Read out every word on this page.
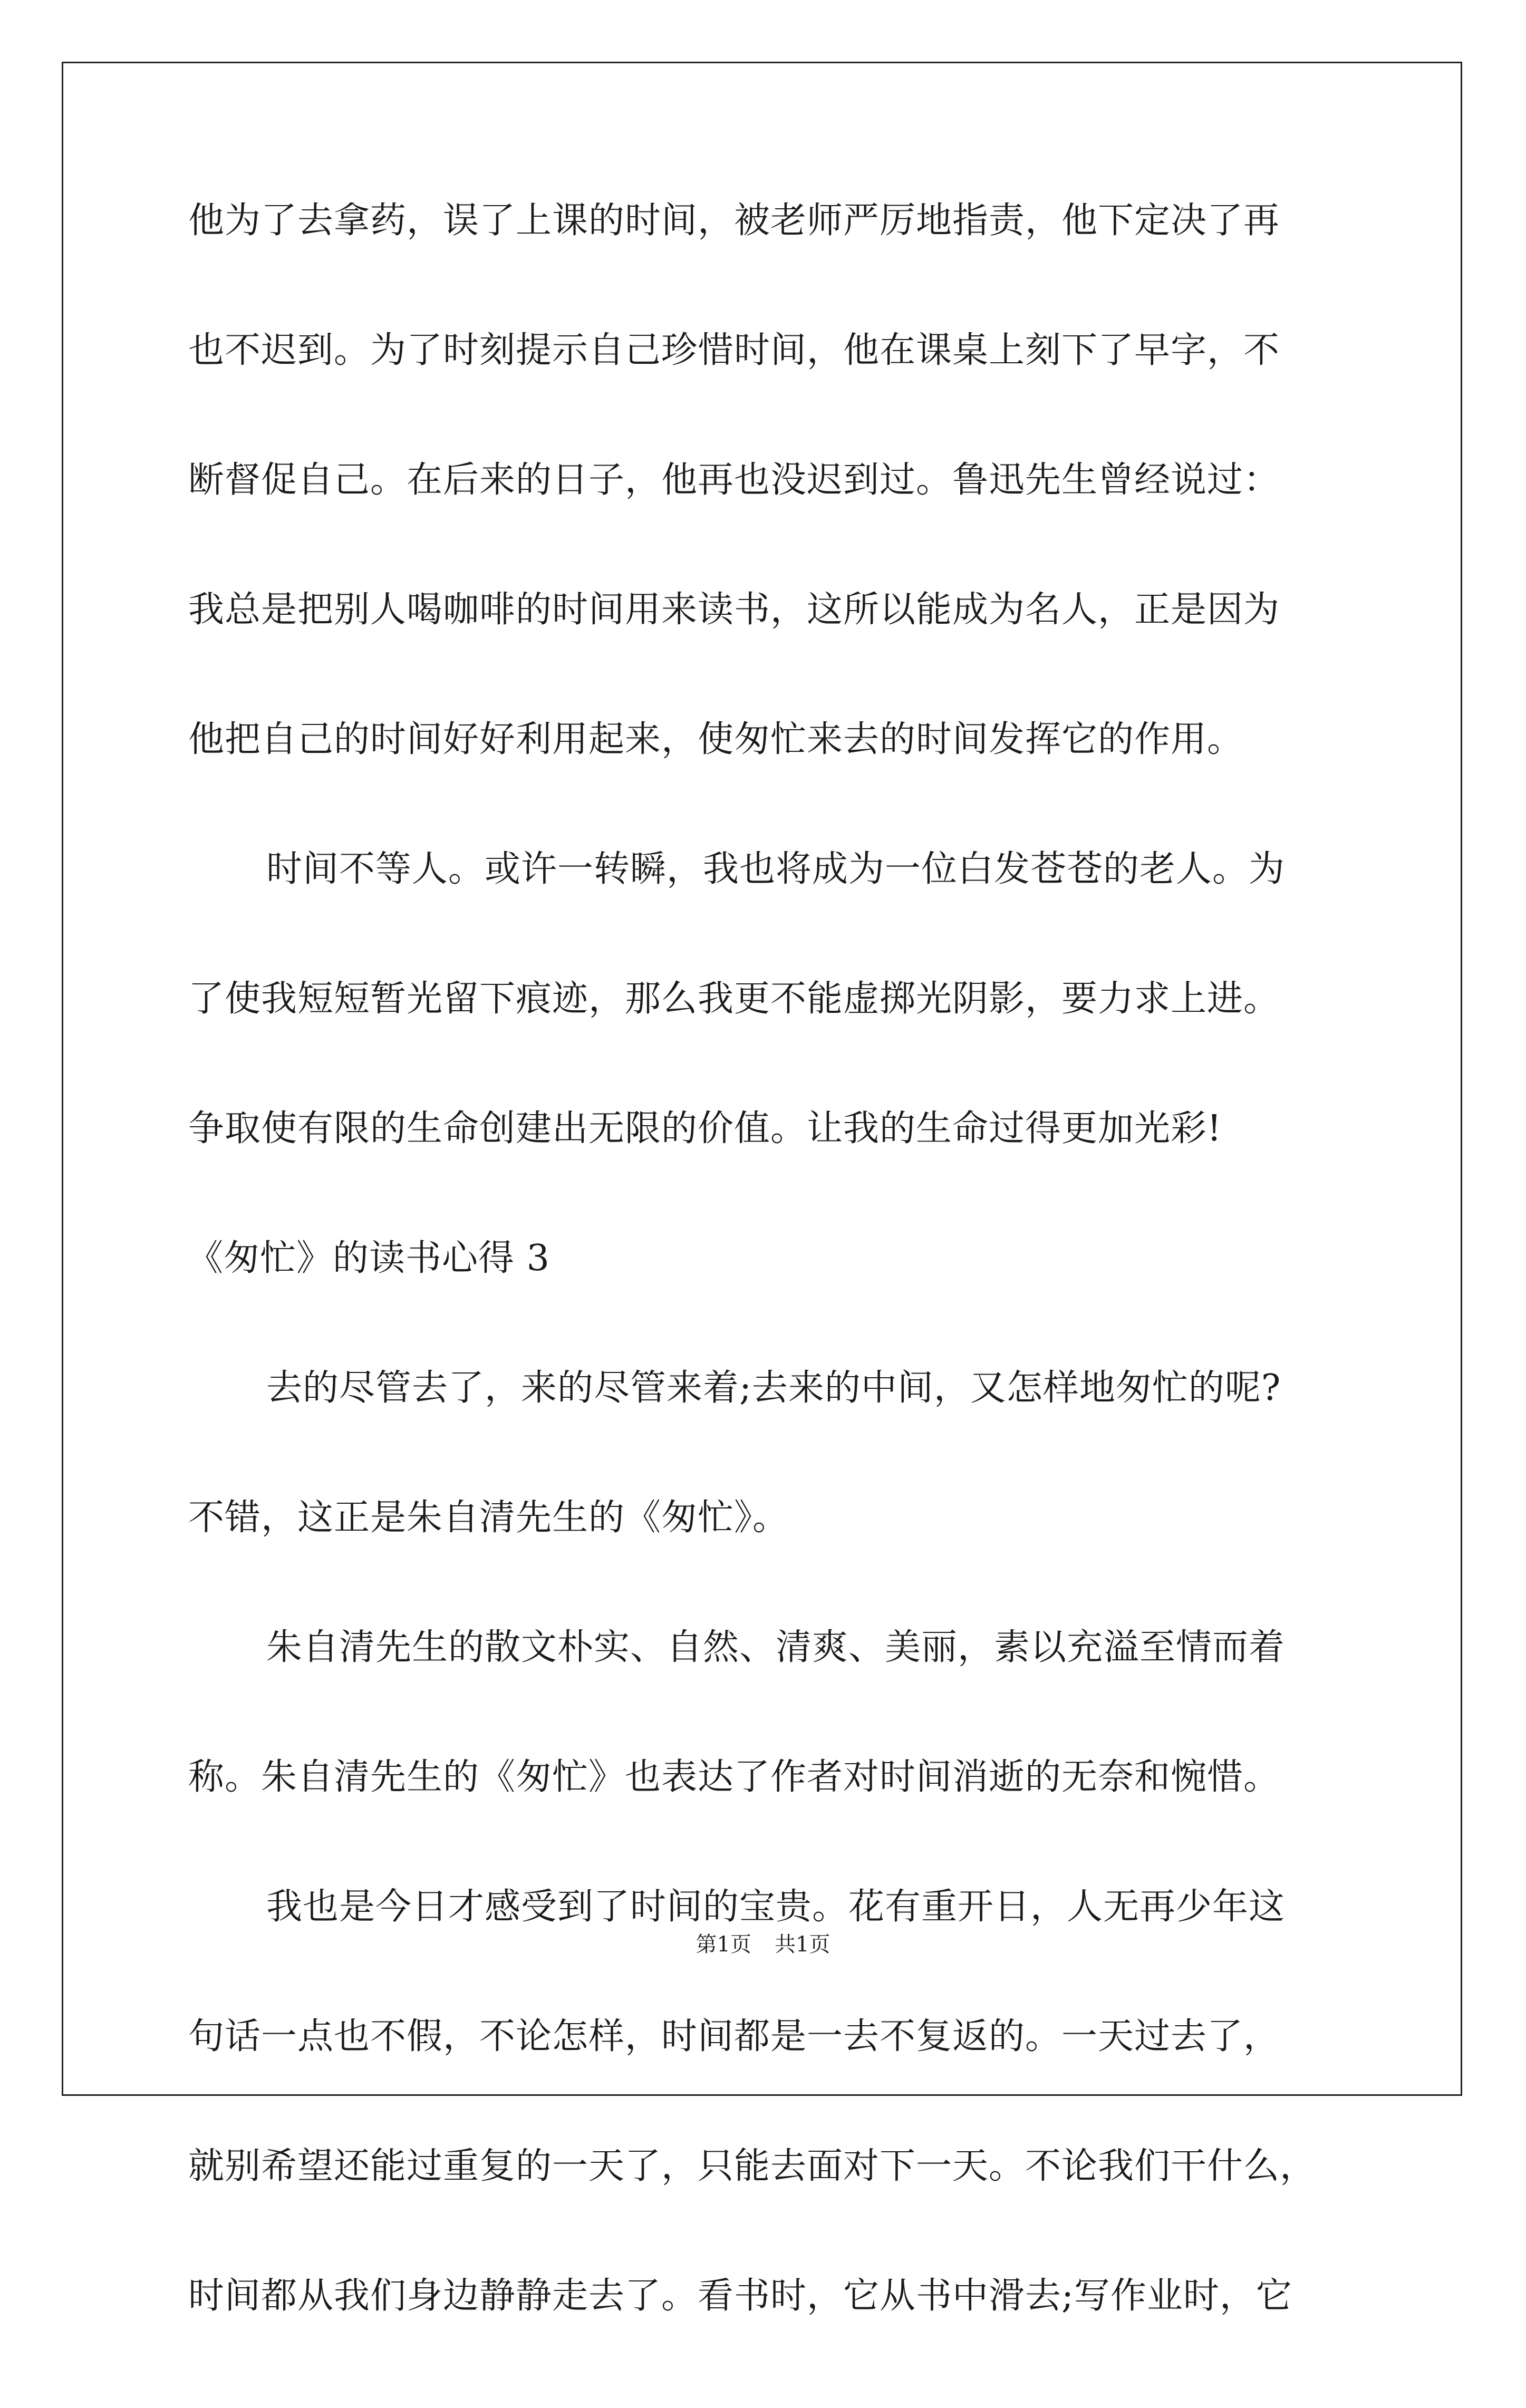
他为了去拿药，误了上课的时间，被老师严厉地指责，他下定决了再
也不迟到。为了时刻提示自己珍惜时间，他在课桌上刻下了早字，不
断督促自己。在后来的日子，他再也没迟到过。鲁迅先生曾经说过：
我总是把别人喝咖啡的时间用来读书，这所以能成为名人，正是因为
他把自己的时间好好利用起来，使匆忙来去的时间发挥它的作用。
时间不等人。或许一转瞬，我也将成为一位白发苍苍的老人。为
了使我短短暂光留下痕迹，那么我更不能虚掷光阴影，要力求上进。
争取使有限的生命创建出无限的价值。让我的生命过得更加光彩!
《匆忙》的读书心得 3
去的尽管去了，来的尽管来着;去来的中间，又怎样地匆忙的呢?
不错，这正是朱自清先生的《匆忙》。
朱自清先生的散文朴实、自然、清爽、美丽，素以充溢至情而着
称。朱自清先生的《匆忙》也表达了作者对时间消逝的无奈和惋惜。
我也是今日才感受到了时间的宝贵。花有重开日，人无再少年这
句话一点也不假，不论怎样，时间都是一去不复返的。一天过去了，
就别希望还能过重复的一天了，只能去面对下一天。不论我们干什么，
时间都从我们身边静静走去了。看书时，它从书中滑去;写作业时，它
第1页 共1页
